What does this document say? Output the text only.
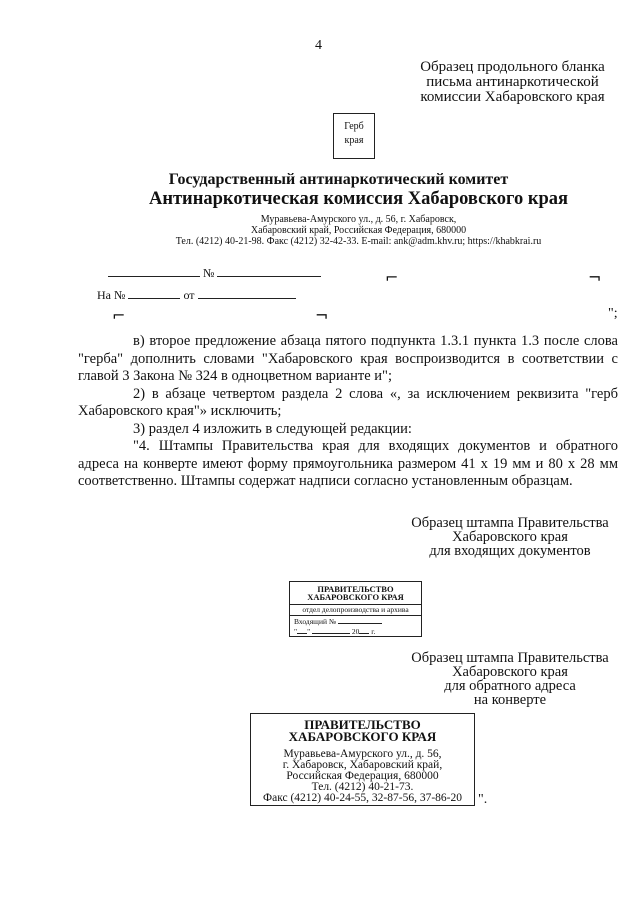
4
Образец продольного бланка
письма антинаркотической
комиссии Хабаровского края
Герб
края
Государственный антинаркотический комитет
Антинаркотическая комиссия Хабаровского края
Муравьева-Амурского ул., д. 56, г. Хабаровск,
Хабаровский край, Российская Федерация, 680000
Тел. (4212) 40-21-98. Факс (4212) 32-42-33. E-mail: ank@adm.khv.ru; https://khabkrai.ru
№
На №	от
⌐	¬
⌐	¬	";

в) второе предложение абзаца пятого подпункта 1.3.1 пункта 1.3 после слова "герба" дополнить словами "Хабаровского края воспроизводится в соответствии с главой 3 Закона № 324 в одноцветном варианте и";

2) в абзаце четвертом раздела 2 слова «, за исключением реквизита "герб Хабаровского края"» исключить;

3) раздел 4 изложить в следующей редакции:

"4. Штампы Правительства края для входящих документов и обратного адреса на конверте имеют форму прямоугольника размером 41 х 19 мм и 80 х 28 мм соответственно. Штампы содержат надписи согласно установленным образцам.

Образец штампа Правительства
Хабаровского края
для входящих документов
ПРАВИТЕЛЬСТВО
ХАБАРОВСКОГО КРАЯ
отдел делопроизводства и архива
Входящий №
" "	20 г.
Образец штампа Правительства
Хабаровского края
для обратного адреса
на конверте
ПРАВИТЕЛЬСТВО
ХАБАРОВСКОГО КРАЯ
Муравьева-Амурского ул., д. 56,
г. Хабаровск, Хабаровский край,
Российская Федерация, 680000
Тел. (4212) 40-21-73.
Факс (4212) 40-24-55, 32-87-56, 37-86-20	".
